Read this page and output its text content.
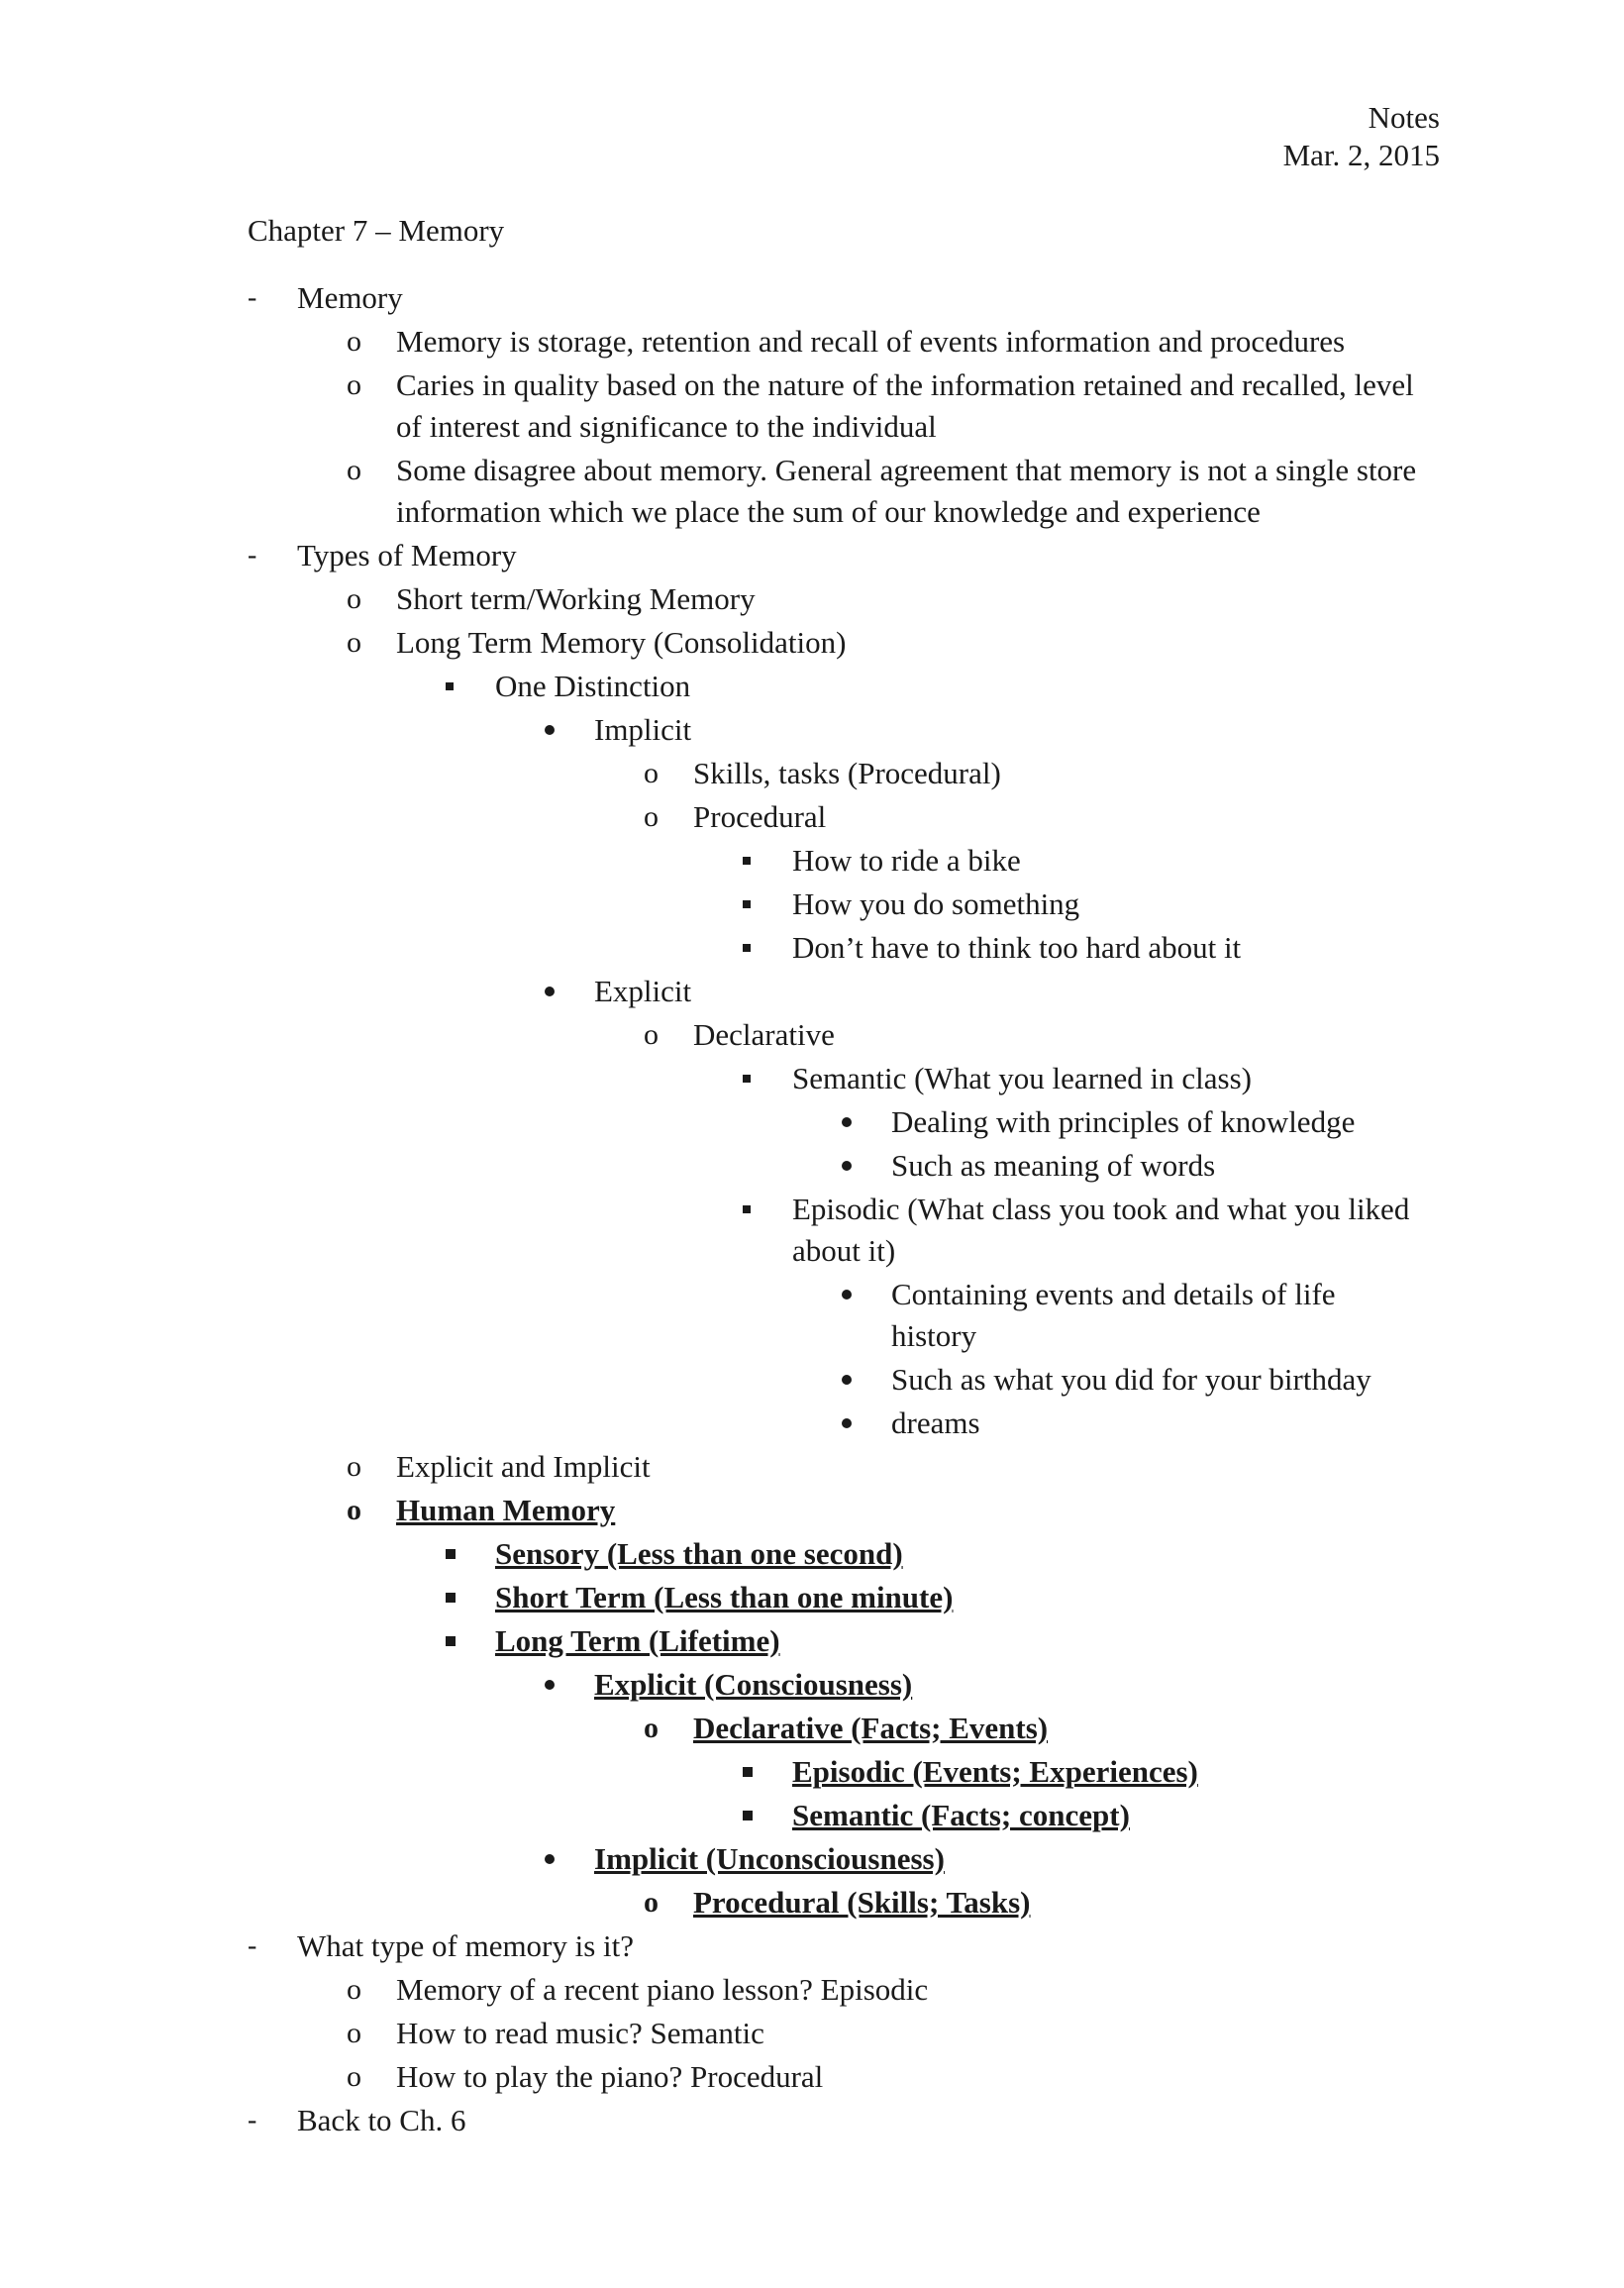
Notes
Mar. 2, 2015
Chapter 7 – Memory
- Memory
o Memory is storage, retention and recall of events information and procedures
o Caries in quality based on the nature of the information retained and recalled, level of interest and significance to the individual
o Some disagree about memory. General agreement that memory is not a single store information which we place the sum of our knowledge and experience
- Types of Memory
o Short term/Working Memory
o Long Term Memory (Consolidation)
One Distinction
Implicit
o Skills, tasks (Procedural)
o Procedural
How to ride a bike
How you do something
Don’t have to think too hard about it
Explicit
o Declarative
Semantic (What you learned in class)
Dealing with principles of knowledge
Such as meaning of words
Episodic (What class you took and what you liked about it)
Containing events and details of life history
Such as what you did for your birthday
dreams
o Explicit and Implicit
o Human Memory
Sensory (Less than one second)
Short Term (Less than one minute)
Long Term (Lifetime)
Explicit (Consciousness)
o Declarative (Facts; Events)
Episodic (Events; Experiences)
Semantic (Facts; concept)
Implicit (Unconsciousness)
o Procedural (Skills; Tasks)
- What type of memory is it?
o Memory of a recent piano lesson? Episodic
o How to read music? Semantic
o How to play the piano? Procedural
- Back to Ch. 6
